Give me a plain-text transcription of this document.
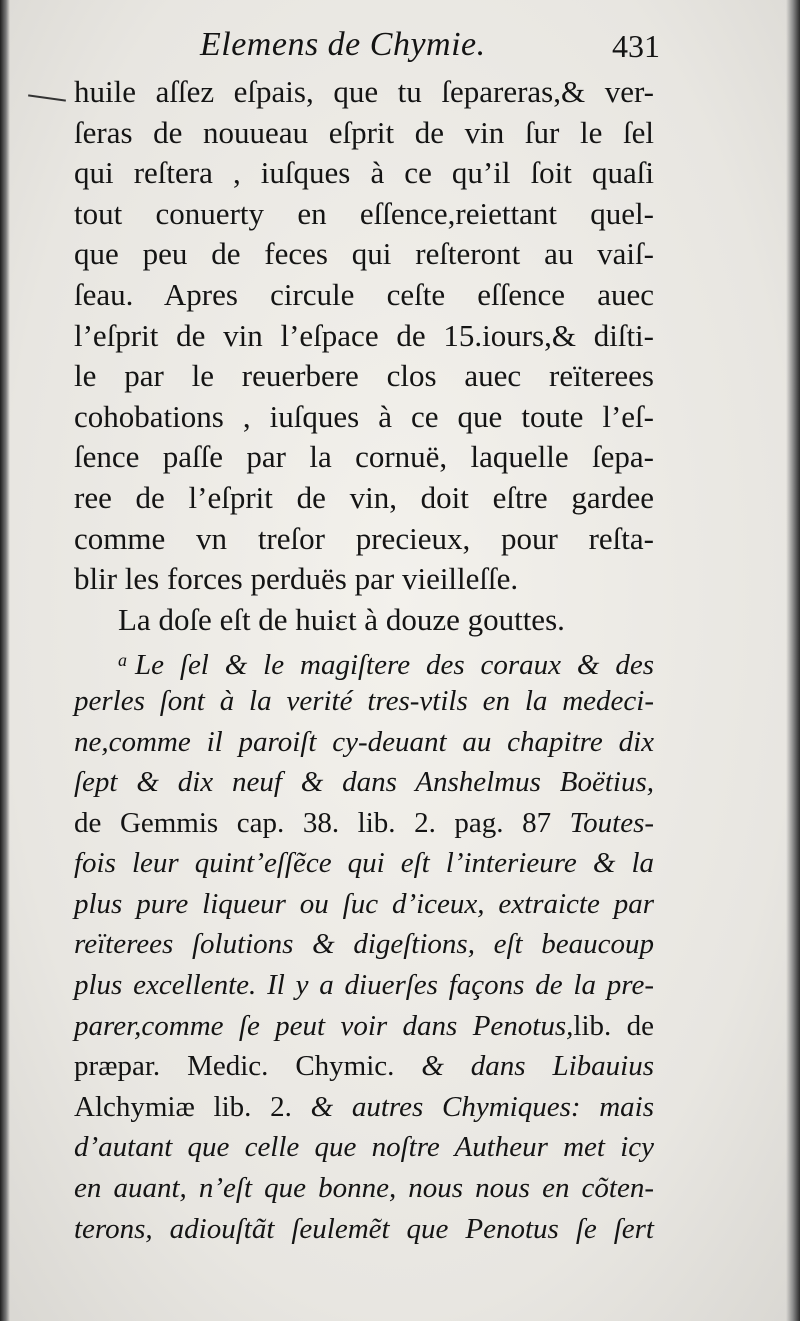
Elemens de Chymie.	431
huile aſſez eſpais, que tu ſepareras,& ver-
ſeras de nouueau eſprit de vin ſur le ſel
qui reſtera , iuſques à ce qu’il ſoit quaſi
tout conuerty en eſſence,reiettant quel-
que peu de feces qui reſteront au vaiſ-
ſeau. Apres circule ceſte eſſence auec
l’eſprit de vin l’eſpace de 15.iours,& diſti-
le par le reuerbere clos auec reïterees
cohobations , iuſques à ce que toute l’eſ-
ſence paſſe par la cornuë, laquelle ſepa-
ree de l’eſprit de vin, doit eſtre gardee
comme vn treſor precieux, pour reſta-
blir les forces perduës par vieilleſſe.
La doſe eſt de huiɛt à douze gouttes.
$^a$ Le ſel & le magiſtere des coraux & des
perles ſont à la verité tres-vtils en la medeci-
ne,comme il paroiſt cy-deuant au chapitre dix
ſept & dix neuf & dans Anshelmus Boëtius,
de Gemmis cap. 38. lib. 2. pag. 87 Toutes-
fois leur quint’eſſẽce qui eſt l’interieure & la
plus pure liqueur ou ſuc d’iceux, extraicte par
reïterees ſolutions & digeſtions, eſt beaucoup
plus excellente. Il y a diuerſes façons de la pre-
parer,comme ſe peut voir dans Penotus,lib. de
præpar. Medic. Chymic. & dans Libauius
Alchymiæ lib. 2. & autres Chymiques: mais
d’autant que celle que noſtre Autheur met icy
en auant, n’eſt que bonne, nous nous en cõten-
terons, adiouſtãt ſeulemẽt que Penotus ſe ſert
